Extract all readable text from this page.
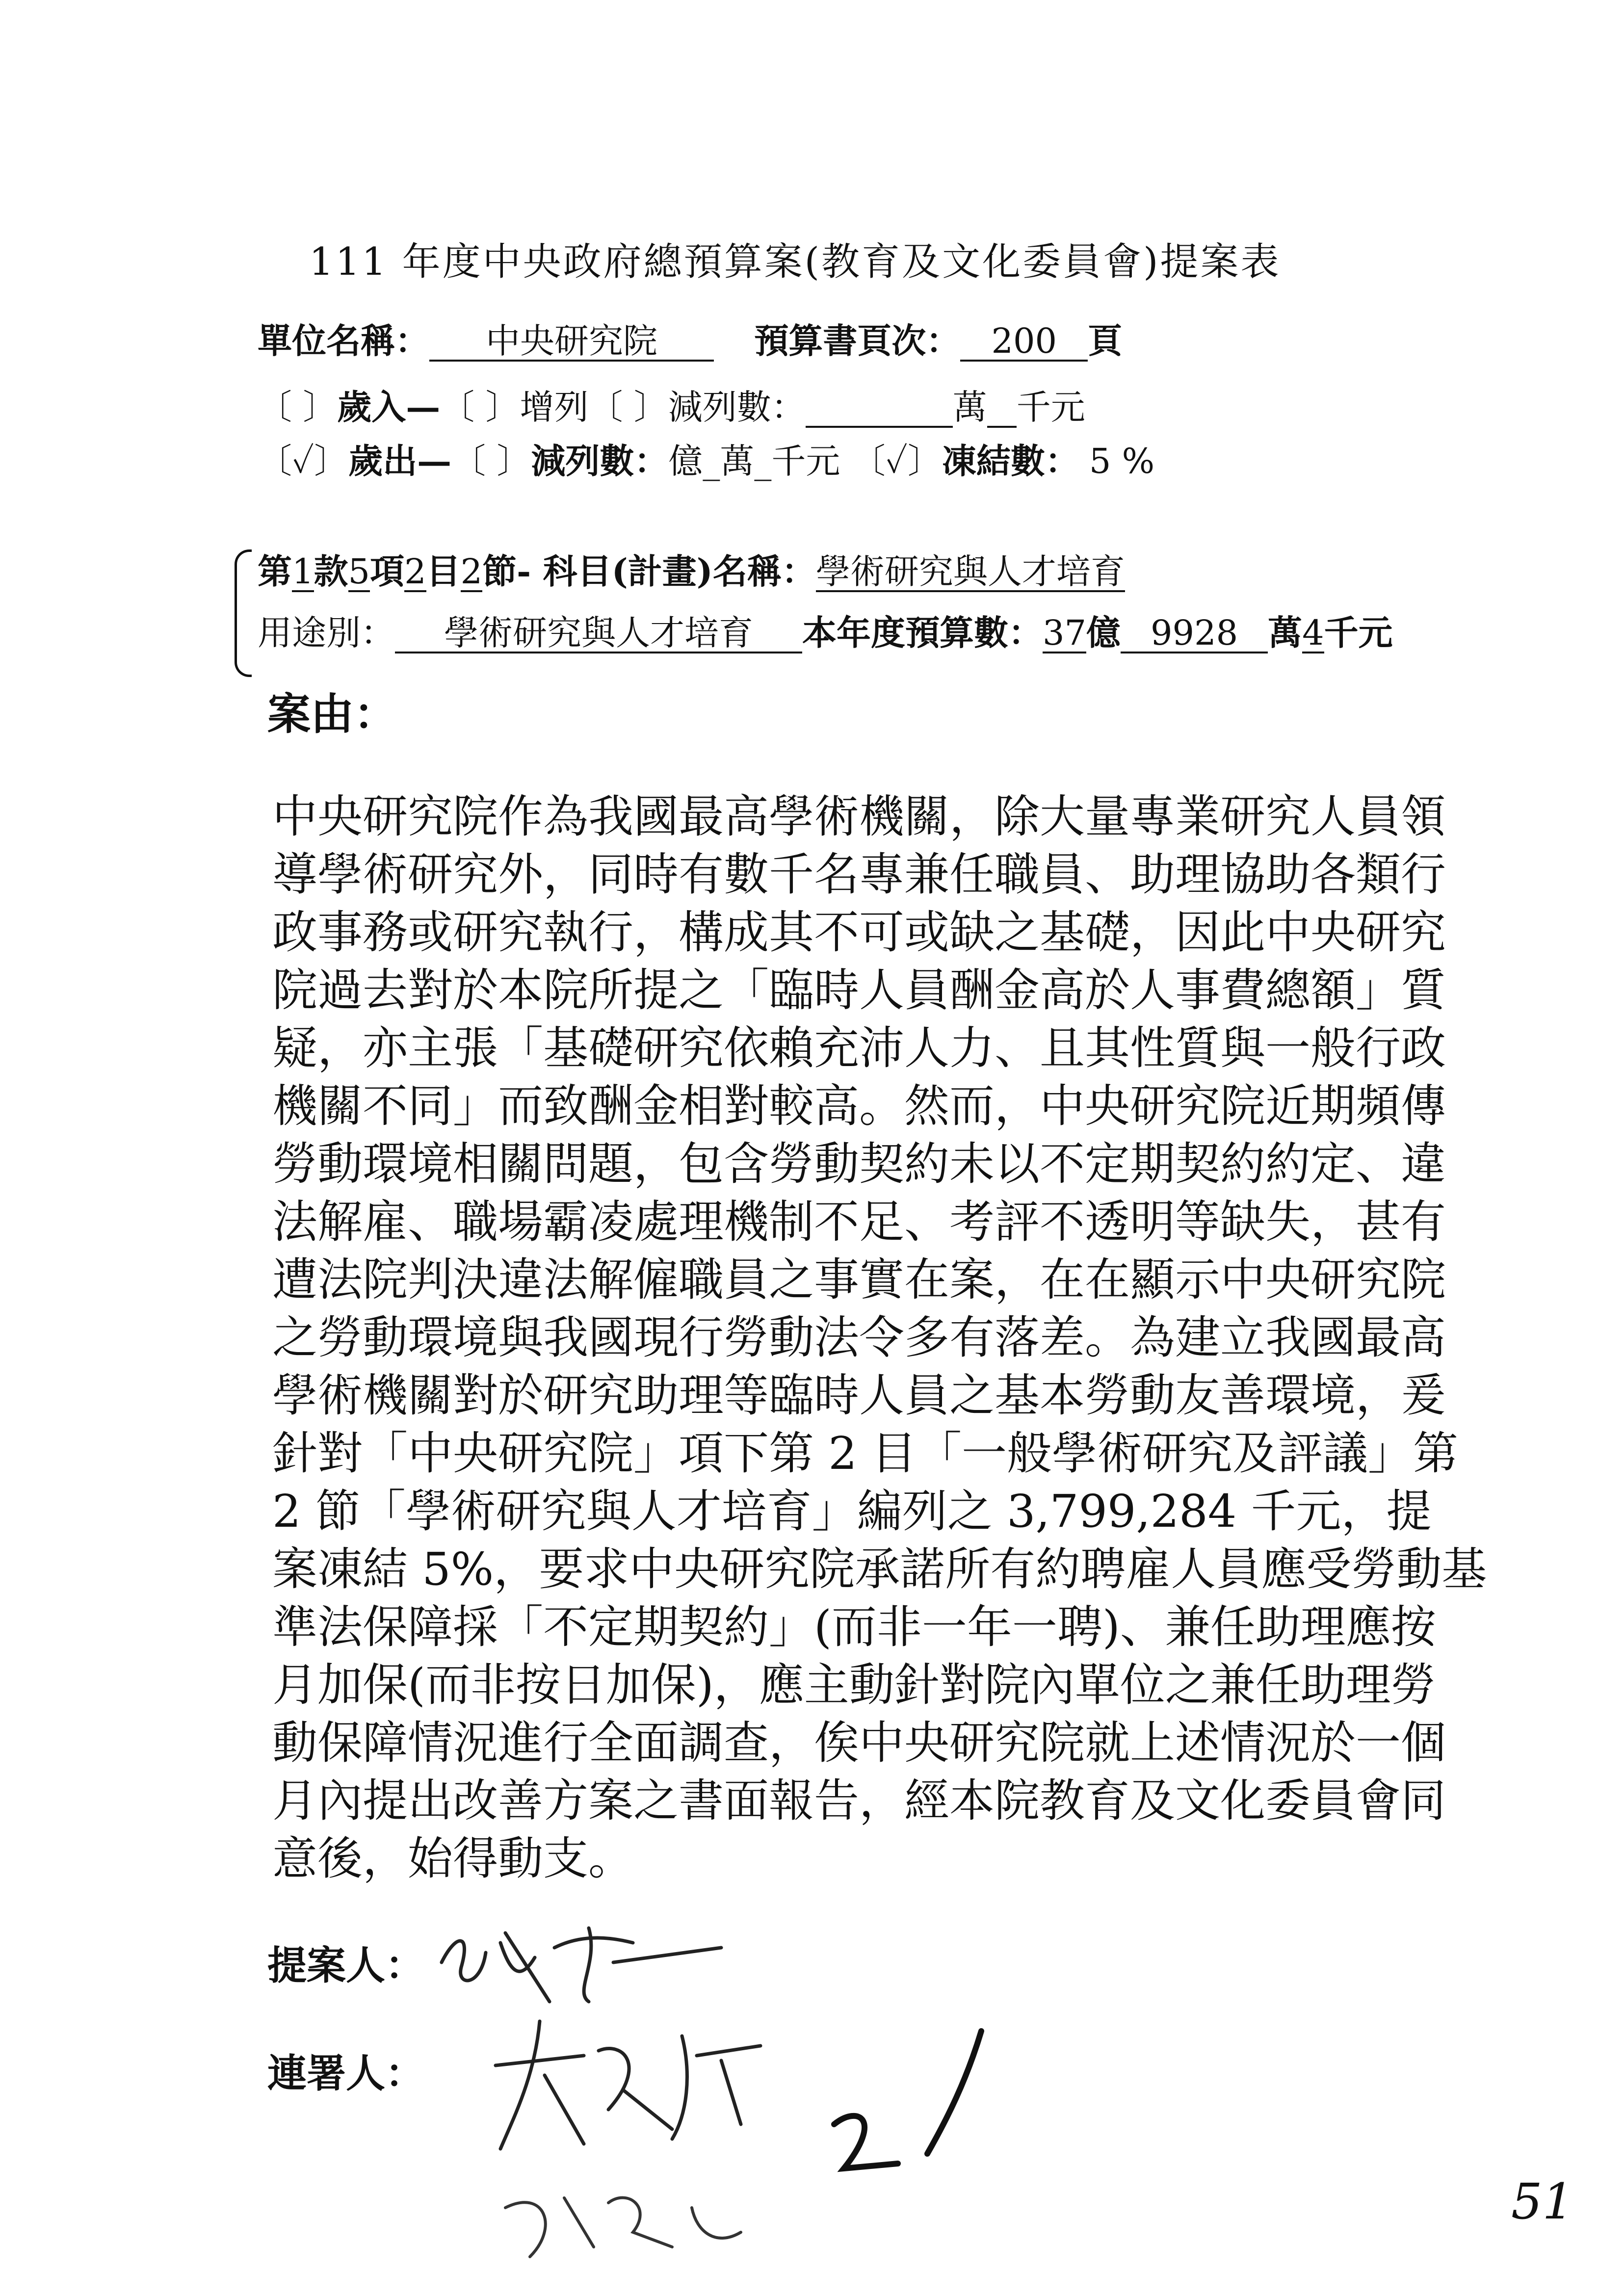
111 年度中央政府總預算案(教育及文化委員會)提案表
單位名稱： 中央研究院	預算書頁次： 200 頁
〔 〕歲入—〔 〕增列〔 〕減列數：	萬 千元
〔✓〕歲出—〔 〕減列數：億_萬_千元 〔✓〕凍結數： 5 %
第1款5項2目2節- 科目(計畫)名稱：學術研究與人才培育
用途別： 學術研究與人才培育 本年度預算數：37億 9928 萬4千元
案由：
中央研究院作為我國最高學術機關，除大量專業研究人員領
導學術研究外，同時有數千名專兼任職員、助理協助各類行
政事務或研究執行，構成其不可或缺之基礎，因此中央研究
院過去對於本院所提之「臨時人員酬金高於人事費總額」質
疑，亦主張「基礎研究依賴充沛人力、且其性質與一般行政
機關不同」而致酬金相對較高。然而，中央研究院近期頻傳
勞動環境相關問題，包含勞動契約未以不定期契約約定、違
法解雇、職場霸凌處理機制不足、考評不透明等缺失，甚有
遭法院判決違法解僱職員之事實在案，在在顯示中央研究院
之勞動環境與我國現行勞動法令多有落差。為建立我國最高
學術機關對於研究助理等臨時人員之基本勞動友善環境，爰
針對「中央研究院」項下第 2 目「一般學術研究及評議」第
2 節「學術研究與人才培育」編列之 3,799,284 千元，提
案凍結 5%，要求中央研究院承諾所有約聘雇人員應受勞動基
準法保障採「不定期契約」(而非一年一聘)、兼任助理應按
月加保(而非按日加保)，應主動針對院內單位之兼任助理勞
動保障情況進行全面調查，俟中央研究院就上述情況於一個
月內提出改善方案之書面報告，經本院教育及文化委員會同
意後，始得動支。
提案人：
連署人：
51
